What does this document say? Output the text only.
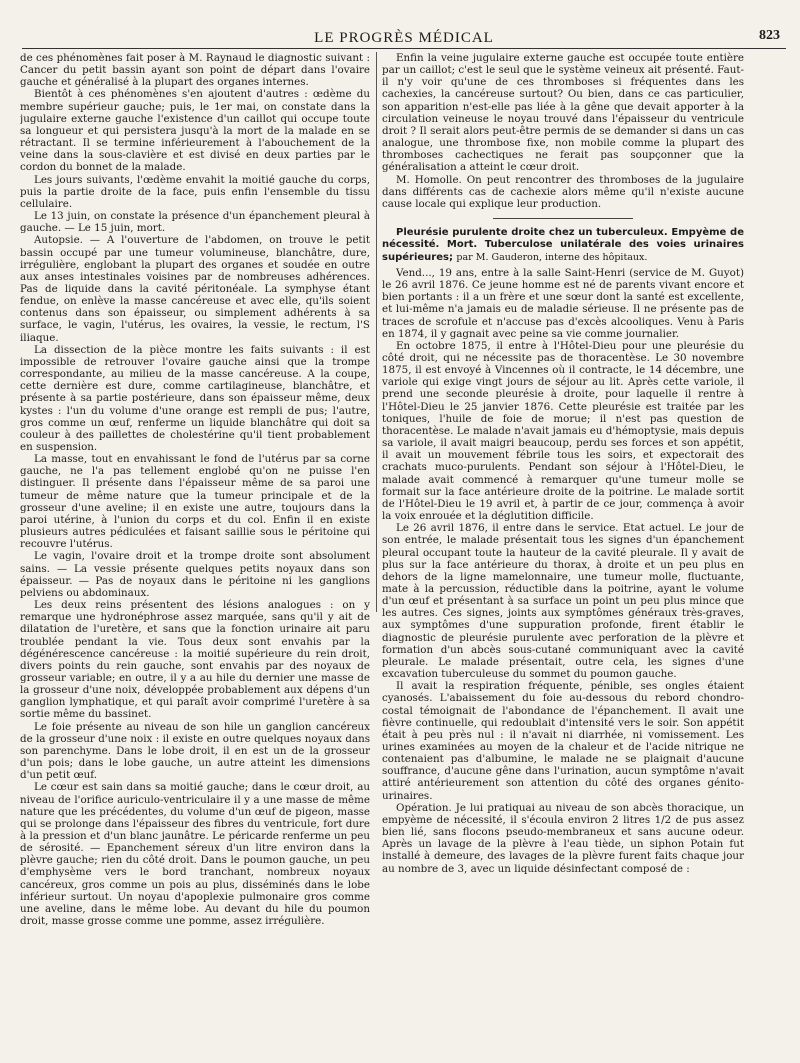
LE PROGRÈS MÉDICAL	823

de ces phénomènes fait poser à M. Raynaud le diagnostic suivant : Cancer du petit bassin ayant son point de départ dans l'ovaire gauche et généralisé à la plupart des organes internes.

Bientôt à ces phénomènes s'en ajoutent d'autres : œdème du membre supérieur gauche; puis, le 1er mai, on constate dans la jugulaire externe gauche l'existence d'un caillot qui occupe toute sa longueur et qui persistera jusqu'à la mort de la malade en se rétractant. Il se termine inférieurement à l'abouchement de la veine dans la sous-clavière et est divisé en deux parties par le cordon du bonnet de la malade.

Les jours suivants, l'œdème envahit la moitié gauche du corps, puis la partie droite de la face, puis enfin l'ensemble du tissu cellulaire.

Le 13 juin, on constate la présence d'un épanchement pleural à gauche. — Le 15 juin, mort.

Autopsie. — A l'ouverture de l'abdomen, on trouve le petit bassin occupé par une tumeur volumineuse, blanchâtre, dure, irrégulière, englobant la plupart des organes et soudée en outre aux anses intestinales voisines par de nombreuses adhérences. Pas de liquide dans la cavité péritonéale. La symphyse étant fendue, on enlève la masse cancéreuse et avec elle, qu'ils soient contenus dans son épaisseur, ou simplement adhérents à sa surface, le vagin, l'utérus, les ovaires, la vessie, le rectum, l'S iliaque.

La dissection de la pièce montre les faits suivants : il est impossible de retrouver l'ovaire gauche ainsi que la trompe correspondante, au milieu de la masse cancéreuse. A la coupe, cette dernière est dure, comme cartilagineuse, blanchâtre, et présente à sa partie postérieure, dans son épaisseur même, deux kystes : l'un du volume d'une orange est rempli de pus; l'autre, gros comme un œuf, renferme un liquide blanchâtre qui doit sa couleur à des paillettes de cholestérine qu'il tient probablement en suspension.

La masse, tout en envahissant le fond de l'utérus par sa corne gauche, ne l'a pas tellement englobé qu'on ne puisse l'en distinguer. Il présente dans l'épaisseur même de sa paroi une tumeur de même nature que la tumeur principale et de la grosseur d'une aveline; il en existe une autre, toujours dans la paroi utérine, à l'union du corps et du col. Enfin il en existe plusieurs autres pédiculées et faisant saillie sous le péritoine qui recouvre l'utérus.

Le vagin, l'ovaire droit et la trompe droite sont absolument sains. — La vessie présente quelques petits noyaux dans son épaisseur. — Pas de noyaux dans le péritoine ni les ganglions pelviens ou abdominaux.

Les deux reins présentent des lésions analogues : on y remarque une hydronéphrose assez marquée, sans qu'il y ait de dilatation de l'uretère, et sans que la fonction urinaire ait paru troublée pendant la vie. Tous deux sont envahis par la dégénérescence cancéreuse : la moitié supérieure du rein droit, divers points du rein gauche, sont envahis par des noyaux de grosseur variable; en outre, il y a au hile du dernier une masse de la grosseur d'une noix, développée probablement aux dépens d'un ganglion lymphatique, et qui paraît avoir comprimé l'uretère à sa sortie même du bassinet.

Le foie présente au niveau de son hile un ganglion cancéreux de la grosseur d'une noix : il existe en outre quelques noyaux dans son parenchyme. Dans le lobe droit, il en est un de la grosseur d'un pois; dans le lobe gauche, un autre atteint les dimensions d'un petit œuf.

Le cœur est sain dans sa moitié gauche; dans le cœur droit, au niveau de l'orifice auriculo-ventriculaire il y a une masse de même nature que les précédentes, du volume d'un œuf de pigeon, masse qui se prolonge dans l'épaisseur des fibres du ventricule, fort dure à la pression et d'un blanc jaunâtre. Le péricarde renferme un peu de sérosité. — Epanchement séreux d'un litre environ dans la plèvre gauche; rien du côté droit. Dans le poumon gauche, un peu d'emphysème vers le bord tranchant, nombreux noyaux cancéreux, gros comme un pois au plus, disséminés dans le lobe inférieur surtout. Un noyau d'apoplexie pulmonaire gros comme une aveline, dans le même lobe. Au devant du hile du poumon droit, masse grosse comme une pomme, assez irrégulière.

Enfin la veine jugulaire externe gauche est occupée toute entière par un caillot; c'est le seul que le système veineux ait présenté. Faut-il n'y voir qu'une de ces thromboses si fréquentes dans les cachexies, la cancéreuse surtout? Ou bien, dans ce cas particulier, son apparition n'est-elle pas liée à la gêne que devait apporter à la circulation veineuse le noyau trouvé dans l'épaisseur du ventricule droit ? Il serait alors peut-être permis de se demander si dans un cas analogue, une thrombose fixe, non mobile comme la plupart des thromboses cachectiques ne ferait pas soupçonner que la généralisation a atteint le cœur droit.

M. Homolle. On peut rencontrer des thromboses de la jugulaire dans différents cas de cachexie alors même qu'il n'existe aucune cause locale qui explique leur production.

Pleurésie purulente droite chez un tuberculeux. Empyème de nécessité. Mort. Tuberculose unilatérale des voies urinaires supérieures; par M. Gauderon, interne des hôpitaux.

Vend..., 19 ans, entre à la salle Saint-Henri (service de M. Guyot) le 26 avril 1876. Ce jeune homme est né de parents vivant encore et bien portants : il a un frère et une sœur dont la santé est excellente, et lui-même n'a jamais eu de maladie sérieuse. Il ne présente pas de traces de scrofule et n'accuse pas d'excès alcooliques. Venu à Paris en 1874, il y gagnait avec peine sa vie comme journalier.

En octobre 1875, il entre à l'Hôtel-Dieu pour une pleurésie du côté droit, qui ne nécessite pas de thoracentèse. Le 30 novembre 1875, il est envoyé à Vincennes où il contracte, le 14 décembre, une variole qui exige vingt jours de séjour au lit. Après cette variole, il prend une seconde pleurésie à droite, pour laquelle il rentre à l'Hôtel-Dieu le 25 janvier 1876. Cette pleurésie est traitée par les toniques, l'huile de foie de morue; il n'est pas question de thoracentèse. Le malade n'avait jamais eu d'hémoptysie, mais depuis sa variole, il avait maigri beaucoup, perdu ses forces et son appétit, il avait un mouvement fébrile tous les soirs, et expectorait des crachats muco-purulents. Pendant son séjour à l'Hôtel-Dieu, le malade avait commencé à remarquer qu'une tumeur molle se formait sur la face antérieure droite de la poitrine. Le malade sortit de l'Hôtel-Dieu le 19 avril et, à partir de ce jour, commença à avoir la voix enrouée et la déglutition difficile.

Le 26 avril 1876, il entre dans le service. Etat actuel. Le jour de son entrée, le malade présentait tous les signes d'un épanchement pleural occupant toute la hauteur de la cavité pleurale. Il y avait de plus sur la face antérieure du thorax, à droite et un peu plus en dehors de la ligne mamelonnaire, une tumeur molle, fluctuante, mate à la percussion, réductible dans la poitrine, ayant le volume d'un œuf et présentant à sa surface un point un peu plus mince que les autres. Ces signes, joints aux symptômes généraux très-graves, aux symptômes d'une suppuration profonde, firent établir le diagnostic de pleurésie purulente avec perforation de la plèvre et formation d'un abcès sous-cutané communiquant avec la cavité pleurale. Le malade présentait, outre cela, les signes d'une excavation tuberculeuse du sommet du poumon gauche.

Il avait la respiration fréquente, pénible, ses ongles étaient cyanosés. L'abaissement du foie au-dessous du rebord chondro-costal témoignait de l'abondance de l'épanchement. Il avait une fièvre continuelle, qui redoublait d'intensité vers le soir. Son appétit était à peu près nul : il n'avait ni diarrhée, ni vomissement. Les urines examinées au moyen de la chaleur et de l'acide nitrique ne contenaient pas d'albumine, le malade ne se plaignait d'aucune souffrance, d'aucune gêne dans l'urination, aucun symptôme n'avait attiré antérieurement son attention du côté des organes génito-urinaires.

Opération. Je lui pratiquai au niveau de son abcès thoracique, un empyème de nécessité, il s'écoula environ 2 litres 1/2 de pus assez bien lié, sans flocons pseudo-membraneux et sans aucune odeur. Après un lavage de la plèvre à l'eau tiède, un siphon Potain fut installé à demeure, des lavages de la plèvre furent faits chaque jour au nombre de 3, avec un liquide désinfectant composé de :
